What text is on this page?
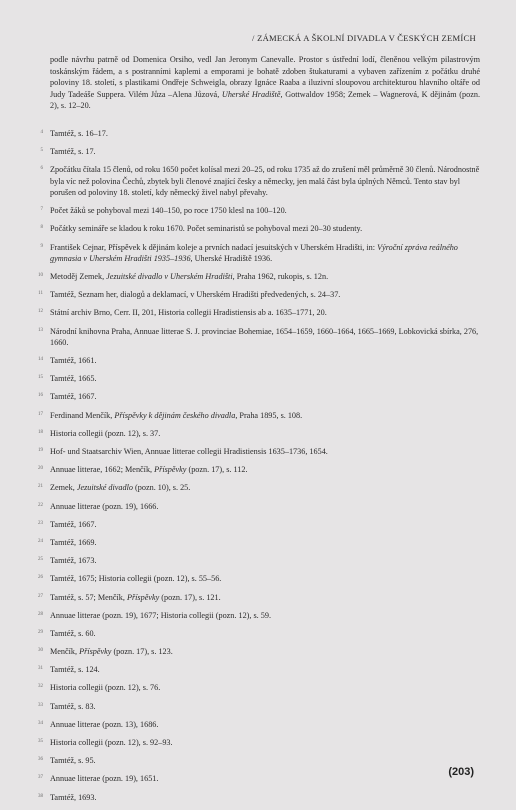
/ ZÁMECKÁ A ŠKOLNÍ DIVADLA V ČESKÝCH ZEMÍCH
podle návrhu patrně od Domenica Orsiho, vedl Jan Jeronym Canevalle. Prostor s ústřední lodí, členěnou velkým pilastrovým toskánským řádem, a s postranními kaplemi a emporami je bohatě zdoben štukaturami a vybaven zařízením z počátku druhé poloviny 18. století, s plastikami Ondřeje Schweigla, obrazy Ignáce Raaba a iluzivní sloupovou architekturou hlavního oltáře od Judy Tadeáše Suppera. Vilém Jůza –Alena Jůzová, Uherské Hradiště, Gottwaldov 1958; Zemek – Wagnerová, K dějinám (pozn. 2), s. 12–20.
4 Tamtéž, s. 16–17.
5 Tamtéž, s. 17.
6 Zpočátku čítala 15 členů, od roku 1650 počet kolísal mezi 20–25, od roku 1735 až do zrušení měl průměrně 30 členů. Národnostně byla víc než polovina Čechů, zbytek byli členové znající česky a německy, jen malá část byla úplných Němců. Tento stav byl porušen od poloviny 18. století, kdy německý živel nabyl převahy.
7 Počet žáků se pohyboval mezi 140–150, po roce 1750 klesl na 100–120.
8 Počátky semináře se kladou k roku 1670. Počet seminaristů se pohyboval mezi 20–30 studenty.
9 František Cejnar, Příspěvek k dějinám koleje a prvních nadací jesuitských v Uherském Hradišti, in: Výroční zpráva reálného gymnasia v Uherském Hradišti 1935–1936, Uherské Hradiště 1936.
10 Metoděj Zemek, Jezuitské divadlo v Uherském Hradišti, Praha 1962, rukopis, s. 12n.
11 Tamtéž, Seznam her, dialogů a deklamací, v Uherském Hradišti předvedených, s. 24–37.
12 Státní archiv Brno, Cerr. II, 201, Historia collegii Hradistiensis ab a. 1635–1771, 20.
13 Národní knihovna Praha, Annuae litterae S. J. provinciae Bohemiae, 1654–1659, 1660–1664, 1665–1669, Lobkovická sbírka, 276, 1660.
14 Tamtéž, 1661.
15 Tamtéž, 1665.
16 Tamtéž, 1667.
17 Ferdinand Menčík, Příspěvky k dějinám českého divadla, Praha 1895, s. 108.
18 Historia collegii (pozn. 12), s. 37.
19 Hof- und Staatsarchiv Wien, Annuae litterae collegii Hradistiensis 1635–1736, 1654.
20 Annuae litterae, 1662; Menčík, Příspěvky (pozn. 17), s. 112.
21 Zemek, Jezuitské divadlo (pozn. 10), s. 25.
22 Annuae litterae (pozn. 19), 1666.
23 Tamtéž, 1667.
24 Tamtéž, 1669.
25 Tamtéž, 1673.
26 Tamtéž, 1675; Historia collegii (pozn. 12), s. 55–56.
27 Tamtéž, s. 57; Menčík, Příspěvky (pozn. 17), s. 121.
28 Annuae litterae (pozn. 19), 1677; Historia collegii (pozn. 12), s. 59.
29 Tamtéž, s. 60.
30 Menčík, Příspěvky (pozn. 17), s. 123.
31 Tamtéž, s. 124.
32 Historia collegii (pozn. 12), s. 76.
33 Tamtéž, s. 83.
34 Annuae litterae (pozn. 13), 1686.
35 Historia collegii (pozn. 12), s. 92–93.
36 Tamtéž, s. 95.
37 Annuae litterae (pozn. 19), 1651.
38 Tamtéž, 1693.
(203)
